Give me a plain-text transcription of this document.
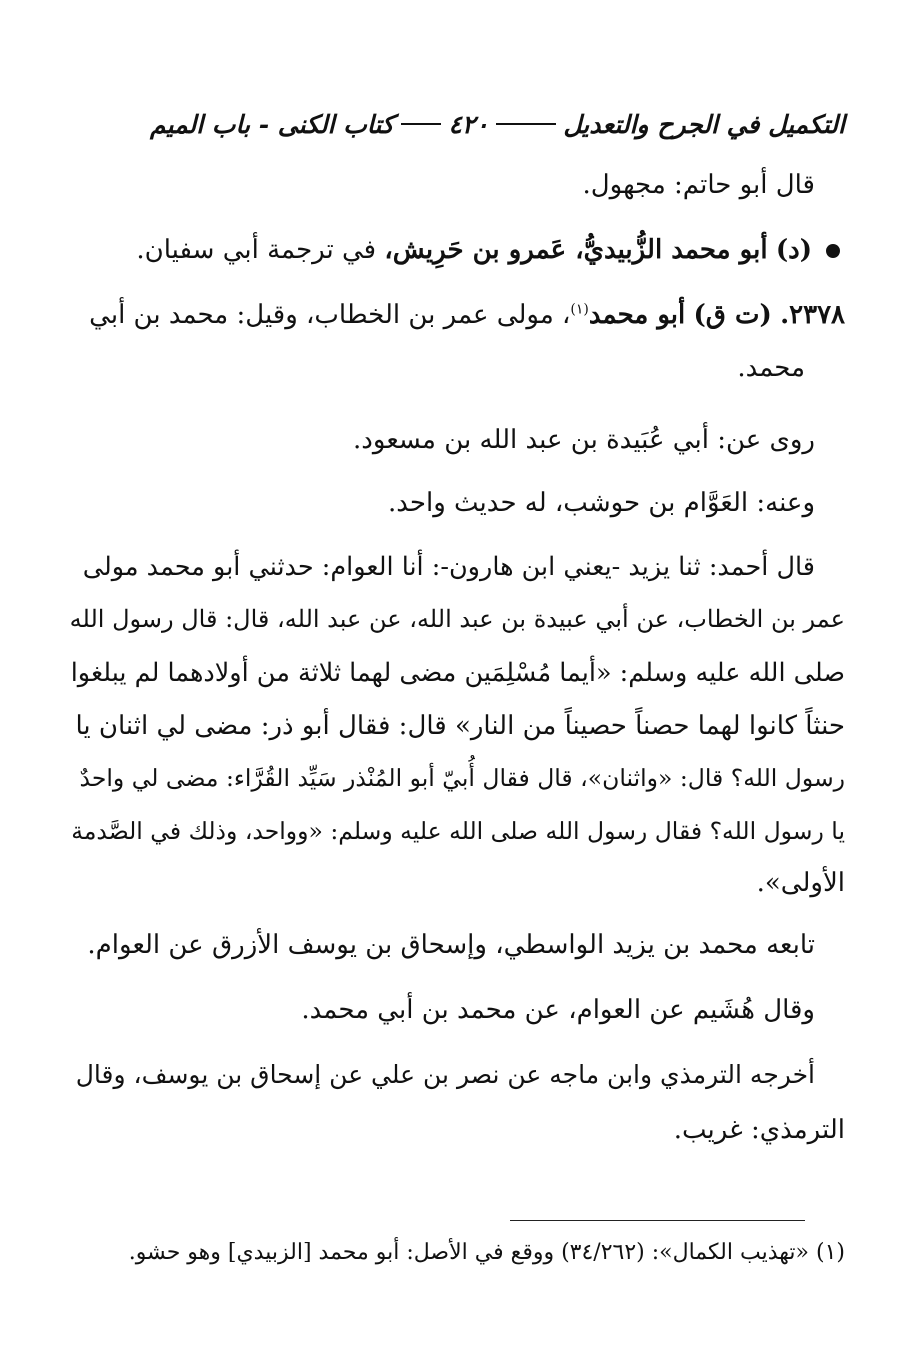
التكميل في الجرح والتعديل
٤٢٠
كتاب الكنى - باب الميم
قال أبو حاتم: مجهول.
(د) أبو محمد الزُّبيديُّ، عَمرو بن حَرِيش، في ترجمة أبي سفيان.
٢٣٧٨. (ت ق) أبو محمد$^{(١)}$، مولى عمر بن الخطاب، وقيل: محمد بن أبي
محمد.
روى عن: أبي عُبَيدة بن عبد الله بن مسعود.
وعنه: العَوَّام بن حوشب، له حديث واحد.
قال أحمد: ثنا يزيد -يعني ابن هارون-: أنا العوام: حدثني أبو محمد مولى
عمر بن الخطاب، عن أبي عبيدة بن عبد الله، عن عبد الله، قال: قال رسول الله
صلى الله عليه وسلم: «أيما مُسْلِمَين مضى لهما ثلاثة من أولادهما لم يبلغوا
حنثاً كانوا لهما حصناً حصيناً من النار» قال: فقال أبو ذر: مضى لي اثنان يا
رسول الله؟ قال: «واثنان»، قال فقال أُبيّ أبو المُنْذر سَيِّد القُرَّاء: مضى لي واحدٌ
يا رسول الله؟ فقال رسول الله صلى الله عليه وسلم: «وواحد، وذلك في الصَّدمة
الأولى».
تابعه محمد بن يزيد الواسطي، وإسحاق بن يوسف الأزرق عن العوام.
وقال هُشَيم عن العوام، عن محمد بن أبي محمد.
أخرجه الترمذي وابن ماجه عن نصر بن علي عن إسحاق بن يوسف، وقال
الترمذي: غريب.
(١) «تهذيب الكمال»: (٣٤/٢٦٢) ووقع في الأصل: أبو محمد [الزبيدي] وهو حشو.
